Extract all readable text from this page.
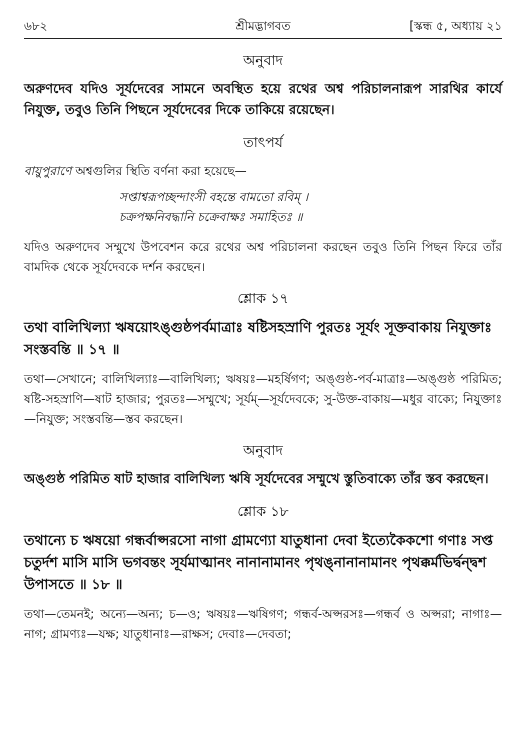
৬৮২	শ্রীমদ্ভাগবত	[স্কন্ধ ৫, অধ্যায় ২১
অনুবাদ

অরুণদেব যদিও সূর্যদেবের সামনে অবস্থিত হয়ে রথের অশ্ব পরিচালনারূপ সারথির কার্যে নিযুক্ত, তবুও তিনি পিছনে সূর্যদেবের দিকে তাকিয়ে রয়েছেন।

তাৎপর্য

বায়ুপুরাণে অশ্বগুলির স্থিতি বর্ণনা করা হয়েছে—

সপ্তাশ্বরূপচ্ছন্দাংসী বহন্তে বামতো রবিম্ ।
চক্রপক্ষনিবদ্ধানি চক্রেবাক্ষঃ সমাহিতঃ ॥

যদিও অরুণদেব সম্মুখে উপবেশন করে রথের অশ্ব পরিচালনা করছেন তবুও তিনি পিছন ফিরে তাঁর বামদিক থেকে সূর্যদেবকে দর্শন করছেন।

শ্লোক ১৭

তথা বালিখিল্যা ঋষয়োঽঙ্গুষ্ঠপর্বমাত্রাঃ ষষ্টিসহস্রাণি পুরতঃ সূর্যং সূক্তবাকায় নিযুক্তাঃ সংস্তবন্তি ॥ ১৭ ॥

তথা—সেখানে; বালিখিল্যাঃ—বালিখিল্য; ঋষয়ঃ—মহর্ষিগণ; অঙ্গুষ্ঠ-পর্ব-মাত্রাঃ—অঙ্গুষ্ঠ পরিমিত; ষষ্টি-সহস্রাণি—ষাট হাজার; পুরতঃ—সম্মুখে; সূর্যম্—সূর্যদেবকে; সু-উক্ত-বাকায়—মধুর বাক্যে; নিযুক্তাঃ—নিযুক্ত; সংস্তবন্তি—স্তব করছেন।

অনুবাদ

অঙ্গুষ্ঠ পরিমিত ষাট হাজার বালিখিল্য ঋষি সূর্যদেবের সম্মুখে স্তুতিবাক্যে তাঁর স্তব করছেন।

শ্লোক ১৮

তথান্যে চ ঋষয়ো গন্ধর্বাপ্সরসো নাগা গ্রামণ্যো যাতুধানা দেবা ইত্যেকৈকশো গণাঃ সপ্ত চতুর্দশ মাসি মাসি ভগবন্তং সূর্যমাত্মানং নানানামানং পৃথঙ্নানানামানং পৃথক্কর্মভির্দ্বন্দ্বশ উপাসতে ॥ ১৮ ॥

তথা—তেমনই; অন্যে—অন্য; চ—ও; ঋষয়ঃ—ঋষিগণ; গন্ধর্ব-অপ্সরসঃ—গন্ধর্ব ও অপ্সরা; নাগাঃ—নাগ; গ্রামণ্যঃ—যক্ষ; যাতুধানাঃ—রাক্ষস; দেবাঃ—দেবতা;
